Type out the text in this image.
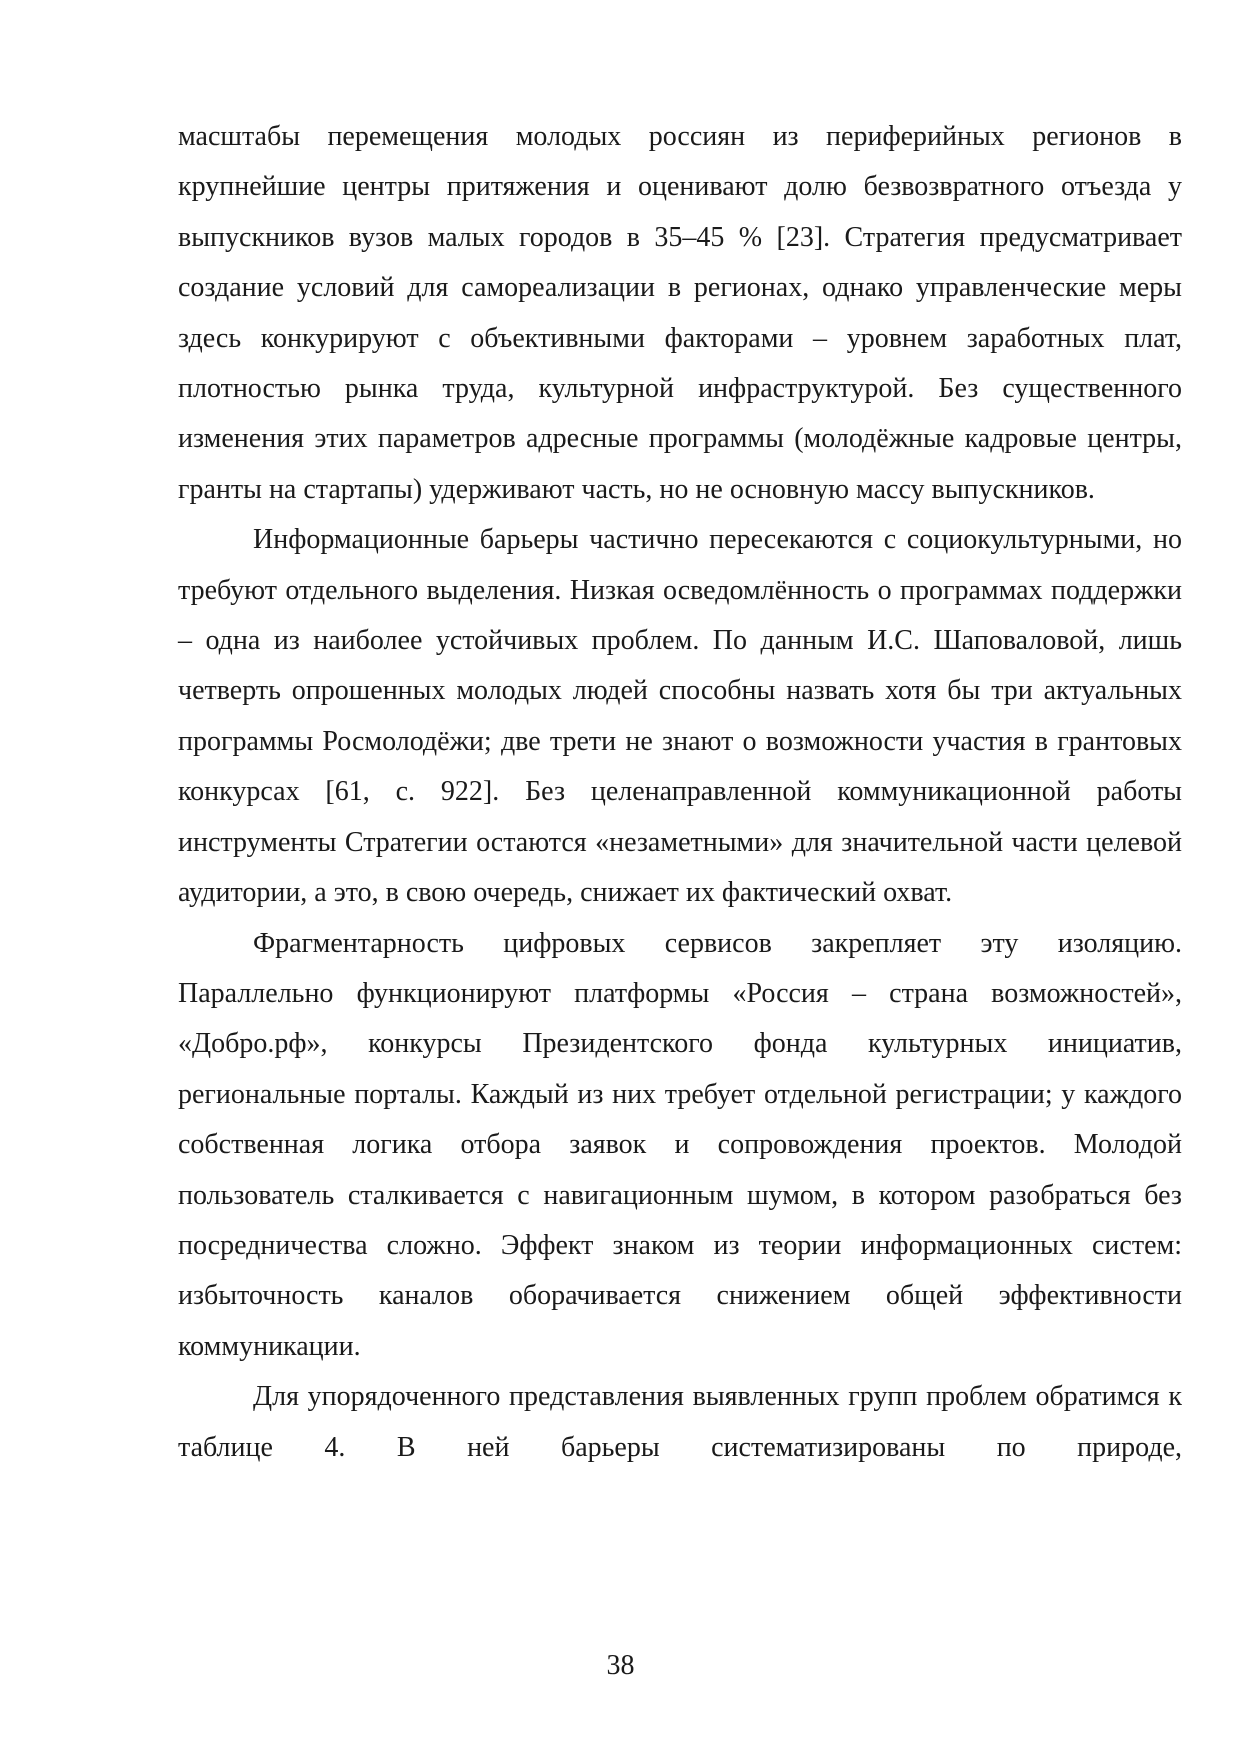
масштабы перемещения молодых россиян из периферийных регионов в крупнейшие центры притяжения и оценивают долю безвозвратного отъезда у выпускников вузов малых городов в 35–45 % [23]. Стратегия предусматривает создание условий для самореализации в регионах, однако управленческие меры здесь конкурируют с объективными факторами – уровнем заработных плат, плотностью рынка труда, культурной инфраструктурой. Без существенного изменения этих параметров адресные программы (молодёжные кадровые центры, гранты на стартапы) удерживают часть, но не основную массу выпускников.

Информационные барьеры частично пересекаются с социокультурными, но требуют отдельного выделения. Низкая осведомлённость о программах поддержки – одна из наиболее устойчивых проблем. По данным И.С. Шаповаловой, лишь четверть опрошенных молодых людей способны назвать хотя бы три актуальных программы Росмолодёжи; две трети не знают о возможности участия в грантовых конкурсах [61, с. 922]. Без целенаправленной коммуникационной работы инструменты Стратегии остаются «незаметными» для значительной части целевой аудитории, а это, в свою очередь, снижает их фактический охват.

Фрагментарность цифровых сервисов закрепляет эту изоляцию. Параллельно функционируют платформы «Россия – страна возможностей», «Добро.рф», конкурсы Президентского фонда культурных инициатив, региональные порталы. Каждый из них требует отдельной регистрации; у каждого собственная логика отбора заявок и сопровождения проектов. Молодой пользователь сталкивается с навигационным шумом, в котором разобраться без посредничества сложно. Эффект знаком из теории информационных систем: избыточность каналов оборачивается снижением общей эффективности коммуникации.

Для упорядоченного представления выявленных групп проблем обратимся к таблице 4. В ней барьеры систематизированы по природе,

38
